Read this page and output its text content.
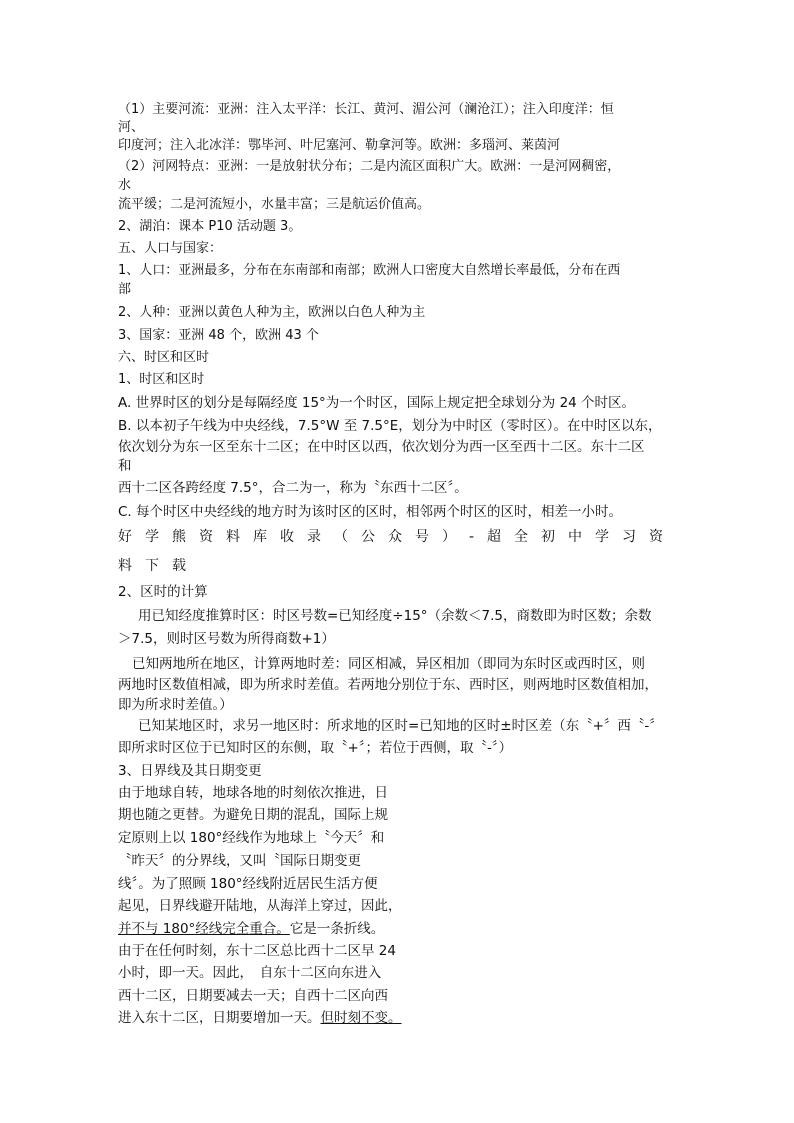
（1）主要河流：亚洲：注入太平洋：长江、黄河、湄公河（澜沧江）；注入印度洋：恒
河、
印度河；注入北冰洋：鄂毕河、叶尼塞河、勒拿河等。欧洲：多瑙河、莱茵河
（2）河网特点：亚洲：一是放射状分布；二是内流区面积广大。欧洲：一是河网稠密，
水
流平缓；二是河流短小，水量丰富；三是航运价值高。
2、湖泊：课本 P10 活动题 3。
五、人口与国家：
1、人口：亚洲最多，分布在东南部和南部；欧洲人口密度大自然增长率最低，分布在西
部
2、人种：亚洲以黄色人种为主，欧洲以白色人种为主
3、国家：亚洲 48 个，欧洲 43 个
六、时区和区时
1、时区和区时
A. 世界时区的划分是每隔经度 15°为一个时区，国际上规定把全球划分为 24 个时区。
B. 以本初子午线为中央经线，7.5°W 至 7.5°E，划分为中时区（零时区）。在中时区以东，
依次划分为东一区至东十二区；在中时区以西，依次划分为西一区至西十二区。东十二区
和
西十二区各跨经度 7.5°，合二为一，称为〝东西十二区〞。
C. 每个时区中央经线的地方时为该时区的区时，相邻两个时区的区时，相差一小时。
好学熊资料库收录（公众号）-超全初中学习资
料下载
2、区时的计算
用已知经度推算时区：时区号数=已知经度÷15°（余数＜7.5，商数即为时区数；余数
＞7.5，则时区号数为所得商数+1）
已知两地所在地区，计算两地时差：同区相减，异区相加（即同为东时区或西时区，则
两地时区数值相减，即为所求时差值。若两地分别位于东、西时区，则两地时区数值相加，
即为所求时差值。）
已知某地区时，求另一地区时：所求地的区时=已知地的区时±时区差（东〝+〞西〝-〞
即所求时区位于已知时区的东侧，取〝+〞；若位于西侧，取〝-〞）
3、日界线及其日期变更
由于地球自转，地球各地的时刻依次推进，日
期也随之更替。为避免日期的混乱，国际上规
定原则上以 180°经线作为地球上〝今天〞和
〝昨天〞的分界线，又叫〝国际日期变更
线〞。为了照顾 180°经线附近居民生活方便
起见，日界线避开陆地，从海洋上穿过，因此，
并不与 180°经线完全重合。它是一条折线。
由于在任何时刻，东十二区总比西十二区早 24
小时，即一天。因此，　自东十二区向东进入
西十二区，日期要减去一天；自西十二区向西
进入东十二区，日期要增加一天。但时刻不变。
